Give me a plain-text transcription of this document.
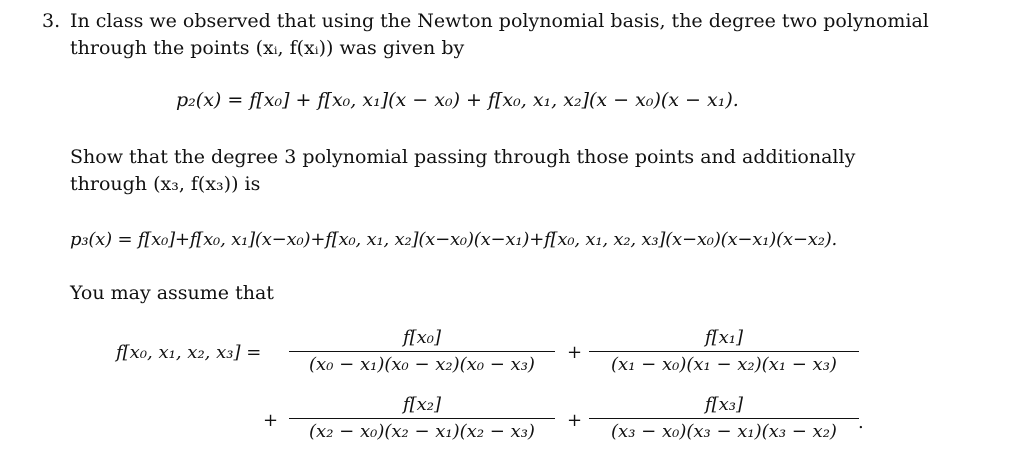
3. In class we observed that using the Newton polynomial basis, the degree two polynomial
through the points (xᵢ, f(xᵢ)) was given by
p₂(x) = f[x₀] + f[x₀, x₁](x − x₀) + f[x₀, x₁, x₂](x − x₀)(x − x₁).
Show that the degree 3 polynomial passing through those points and additionally
through (x₃, f(x₃)) is
p₃(x) = f[x₀]+f[x₀, x₁](x−x₀)+f[x₀, x₁, x₂](x−x₀)(x−x₁)+f[x₀, x₁, x₂, x₃](x−x₀)(x−x₁)(x−x₂).
You may assume that
f[x₀, x₁, x₂, $x_3] = \frac{\text{f[x₀]}}{\text{(x₀ − x₁)(x₀ − x₂)(x₀ − x₃)}} + \frac{\text{f[x₁]}}{\text{(x₁ − x₀)(x₁ − x₂)(x₁ − x₃)}}$
+ $\frac{\text{f[x₂]}}{\text{(x₂ − x₀)(x₂ − x₁)(x₂ − x₃)}} + \frac{\text{f[x₃]}}{\text{(x₃ − x₀)(x₃ − x₁)(x₃ − x₂)}}$ .
